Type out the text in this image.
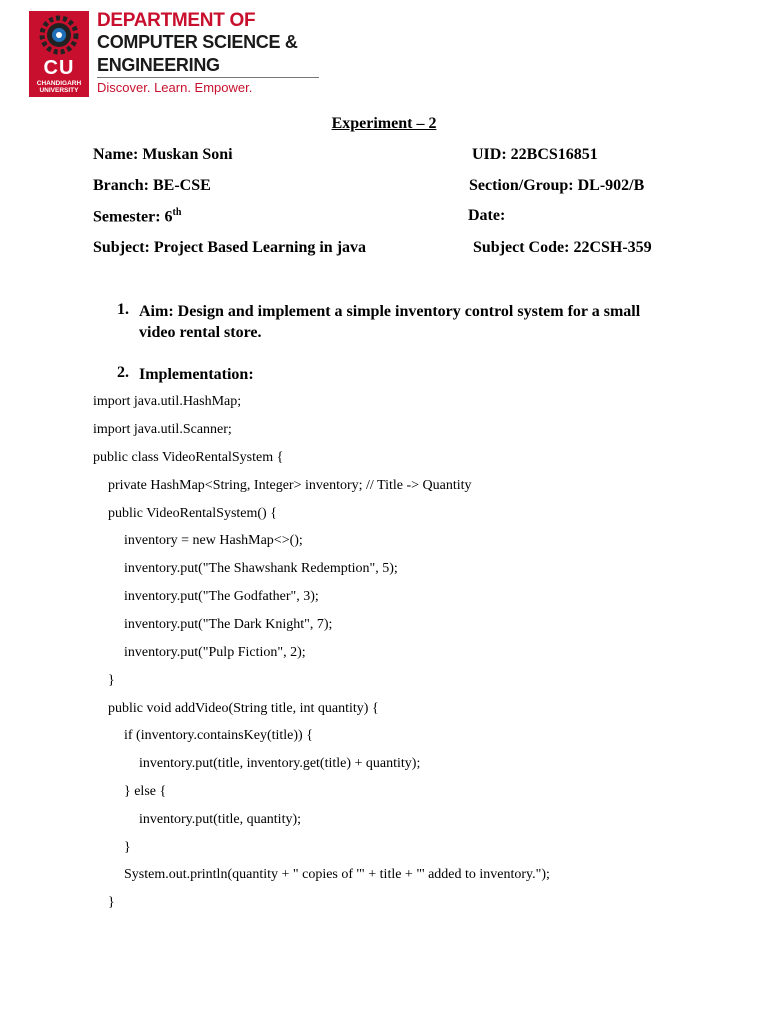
CU
CHANDIGARH UNIVERSITY
DEPARTMENT OF
COMPUTER SCIENCE &
ENGINEERING
Discover. Learn. Empower.
Experiment – 2
Name: Muskan Soni	UID: 22BCS16851
Branch: BE-CSE	Section/Group: DL-902/B
Semester: 6th	Date:
Subject: Project Based Learning in java	Subject Code: 22CSH-359
1. Aim: Design and implement a simple inventory control system for a small video rental store.
2. Implementation:
import java.util.HashMap;
import java.util.Scanner;
public class VideoRentalSystem {
private HashMap<String, Integer> inventory; // Title -> Quantity
public VideoRentalSystem() {
inventory = new HashMap<>();
inventory.put("The Shawshank Redemption", 5);
inventory.put("The Godfather", 3);
inventory.put("The Dark Knight", 7);
inventory.put("Pulp Fiction", 2);
}
public void addVideo(String title, int quantity) {
if (inventory.containsKey(title)) {
inventory.put(title, inventory.get(title) + quantity);
} else {
inventory.put(title, quantity);
}
System.out.println(quantity + " copies of '" + title + "' added to inventory.");
}
